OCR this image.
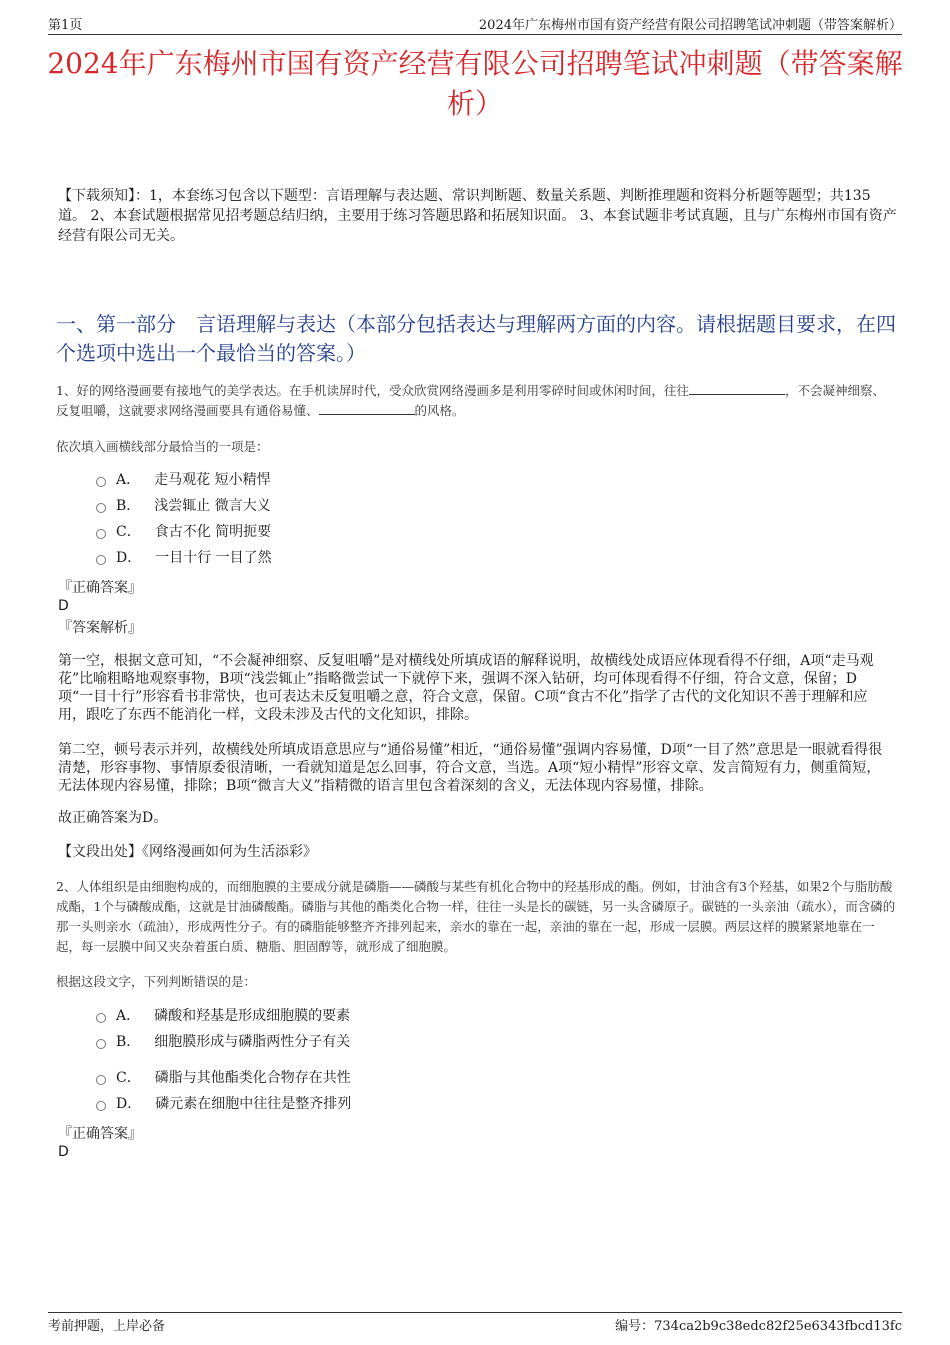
第1页	2024年广东梅州市国有资产经营有限公司招聘笔试冲刺题（带答案解析）
2024年广东梅州市国有资产经营有限公司招聘笔试冲刺题（带答案解析）
【下载须知】：1，本套练习包含以下题型：言语理解与表达题、常识判断题、数量关系题、判断推理题和资料分析题等题型；共135道。 2、本套试题根据常见招考题总结归纳，主要用于练习答题思路和拓展知识面。 3、本套试题非考试真题，且与广东梅州市国有资产经营有限公司无关。
一、第一部分　言语理解与表达（本部分包括表达与理解两方面的内容。请根据题目要求，在四个选项中选出一个最恰当的答案。）
1、好的网络漫画要有接地气的美学表达。在手机读屏时代，受众欣赏网络漫画多是利用零碎时间或休闲时间，往往	，不会凝神细察、反复咀嚼，这就要求网络漫画要具有通俗易懂、	的风格。
依次填入画横线部分最恰当的一项是：
A． 走马观花 短小精悍
B． 浅尝辄止 微言大义
C． 食古不化 简明扼要
D． 一目十行 一目了然
『正确答案』
D
『答案解析』
第一空，根据文意可知，“不会凝神细察、反复咀嚼”是对横线处所填成语的解释说明，故横线处成语应体现看得不仔细，A项“走马观花”比喻粗略地观察事物，B项“浅尝辄止”指略微尝试一下就停下来，强调不深入钻研，均可体现看得不仔细，符合文意，保留；D项“一目十行”形容看书非常快，也可表达未反复咀嚼之意，符合文意，保留。C项“食古不化”指学了古代的文化知识不善于理解和应用，跟吃了东西不能消化一样，文段未涉及古代的文化知识，排除。
第二空，顿号表示并列，故横线处所填成语意思应与“通俗易懂”相近，“通俗易懂”强调内容易懂，D项“一目了然”意思是一眼就看得很清楚，形容事物、事情原委很清晰，一看就知道是怎么回事，符合文意，当选。A项“短小精悍”形容文章、发言简短有力，侧重简短，无法体现内容易懂，排除；B项“微言大义”指精微的语言里包含着深刻的含义，无法体现内容易懂，排除。
故正确答案为D。
【文段出处】《网络漫画如何为生活添彩》
2、人体组织是由细胞构成的，而细胞膜的主要成分就是磷脂——磷酸与某些有机化合物中的羟基形成的酯。例如，甘油含有3个羟基，如果2个与脂肪酸成酯，1个与磷酸成酯，这就是甘油磷酸酯。磷脂与其他的酯类化合物一样，往往一头是长的碳链，另一头含磷原子。碳链的一头亲油（疏水），而含磷的那一头则亲水（疏油），形成两性分子。有的磷脂能够整齐齐排列起来，亲水的靠在一起，亲油的靠在一起，形成一层膜。两层这样的膜紧紧地靠在一起，每一层膜中间又夹杂着蛋白质、糖脂、胆固醇等，就形成了细胞膜。
根据这段文字，下列判断错误的是：
A． 磷酸和羟基是形成细胞膜的要素
B． 细胞膜形成与磷脂两性分子有关
C． 磷脂与其他酯类化合物存在共性
D． 磷元素在细胞中往往是整齐排列
『正确答案』
D
考前押题，上岸必备	编号：734ca2b9c38edc82f25e6343fbcd13fc
